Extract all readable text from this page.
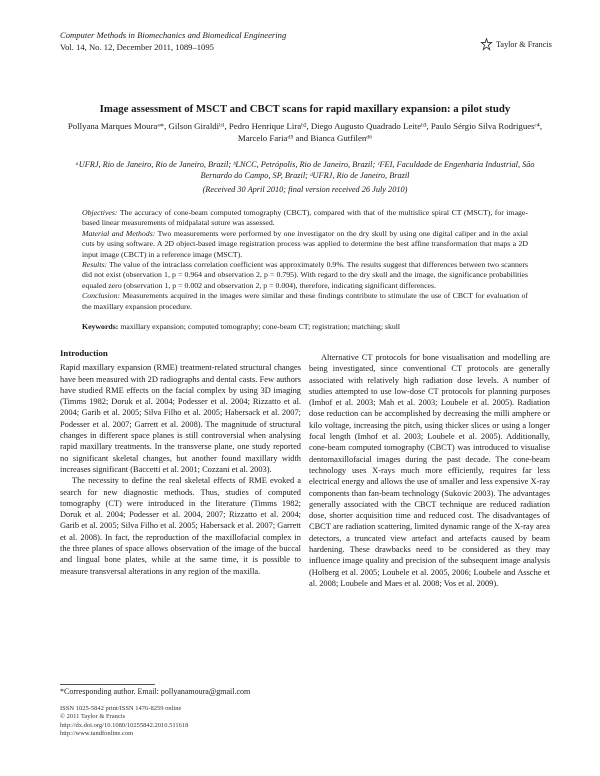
Computer Methods in Biomechanics and Biomedical Engineering
Vol. 14, No. 12, December 2011, 1089–1095	Taylor & Francis
Image assessment of MSCT and CBCT scans for rapid maxillary expansion: a pilot study
Pollyana Marques Mouraᵃ*, Gilson Giraldiᵇ¹, Pedro Henrique Liraᵇ², Diego Augusto Quadrado Leiteᵇ³, Paulo Sérgio Silva Rodriguesᶜ⁴, Marcelo Fariaᵈ⁵ and Bianca Gutfilenᵈ⁶
ᵃUFRJ, Rio de Janeiro, Rio de Janeiro, Brazil; ᵇLNCC, Petrópolis, Rio de Janeiro, Brazil; ᶜFEI, Faculdade de Engenharia Industrial, São Bernardo do Campo, SP, Brazil; ᵈUFRJ, Rio de Janeiro, Brazil
(Received 30 April 2010; final version received 26 July 2010)

Objectives: The accuracy of cone-beam computed tomography (CBCT), compared with that of the multislice spiral CT (MSCT), for image-based linear measurements of midpalatal suture was assessed.

Material and Methods: Two measurements were performed by one investigator on the dry skull by using one digital caliper and in the axial cuts by using software. A 2D object-based image registration process was applied to determine the best affine transformation that maps a 2D input image (CBCT) in a reference image (MSCT).

Results: The value of the intraclass correlation coefficient was approximately 0.9%. The results suggest that differences between two scanners did not exist (observation 1, p = 0.964 and observation 2, p = 0.795). With regard to the dry skull and the image, the significance probabilities equaled zero (observation 1, p = 0.002 and observation 2, p = 0.004), therefore, indicating significant differences.

Conclusion: Measurements acquired in the images were similar and these findings contribute to stimulate the use of CBCT for evaluation of the maxillary expansion procedure.

Keywords: maxillary expansion; computed tomography; cone-beam CT; registration; matching; skull
Introduction

Rapid maxillary expansion (RME) treatment-related structural changes have been measured with 2D radiographs and dental casts. Few authors have studied RME effects on the facial complex by using 3D imaging (Timms 1982; Doruk et al. 2004; Podesser et al. 2004; Rizzatto et al. 2004; Garib et al. 2005; Silva Filho et al. 2005; Habersack et al. 2007; Podesser et al. 2007; Garrett et al. 2008). The magnitude of structural changes in different space planes is still controversial when analysing rapid maxillary treatments. In the transverse plane, one study reported no significant skeletal changes, but another found maxillary width increases significant (Baccetti et al. 2001; Cozzani et al. 2003).

The necessity to define the real skeletal effects of RME evoked a search for new diagnostic methods. Thus, studies of computed tomography (CT) were introduced in the literature (Timms 1982; Doruk et al. 2004; Podesser et al. 2004, 2007; Rizzatto et al. 2004; Garib et al. 2005; Silva Filho et al. 2005; Habersack et al. 2007; Garrett et al. 2008). In fact, the reproduction of the maxillofacial complex in the three planes of space allows observation of the image of the buccal and lingual bone plates, while at the same time, it is possible to measure transversal alterations in any region of the maxilla.

Alternative CT protocols for bone visualisation and modelling are being investigated, since conventional CT protocols are generally associated with relatively high radiation dose levels. A number of studies attempted to use low-dose CT protocols for planning purposes (Imhof et al. 2003; Mah et al. 2003; Loubele et al. 2005). Radiation dose reduction can be accomplished by decreasing the milli amphere or kilo voltage, increasing the pitch, using thicker slices or using a longer focal length (Imhof et al. 2003; Loubele et al. 2005). Additionally, cone-beam computed tomography (CBCT) was introduced to visualise dentomaxillofacial images during the past decade. The cone-beam technology uses X-rays much more efficiently, requires far less electrical energy and allows the use of smaller and less expensive X-ray components than fan-beam technology (Sukovic 2003). The advantages generally associated with the CBCT technique are reduced radiation dose, shorter acquisition time and reduced cost. The disadvantages of CBCT are radiation scattering, limited dynamic range of the X-ray area detectors, a truncated view artefact and artefacts caused by beam hardening. These drawbacks need to be considered as they may influence image quality and precision of the subsequent image analysis (Holberg et al. 2005; Loubele et al. 2005, 2006; Loubele and Assche et al. 2008; Loubele and Maes et al. 2008; Vos et al. 2009).

*Corresponding author. Email: pollyanamoura@gmail.com
ISSN 1025-5842 print/ISSN 1476-8259 online
© 2011 Taylor & Francis
http://dx.doi.org/10.1080/10255842.2010.511618
http://www.tandfonline.com
